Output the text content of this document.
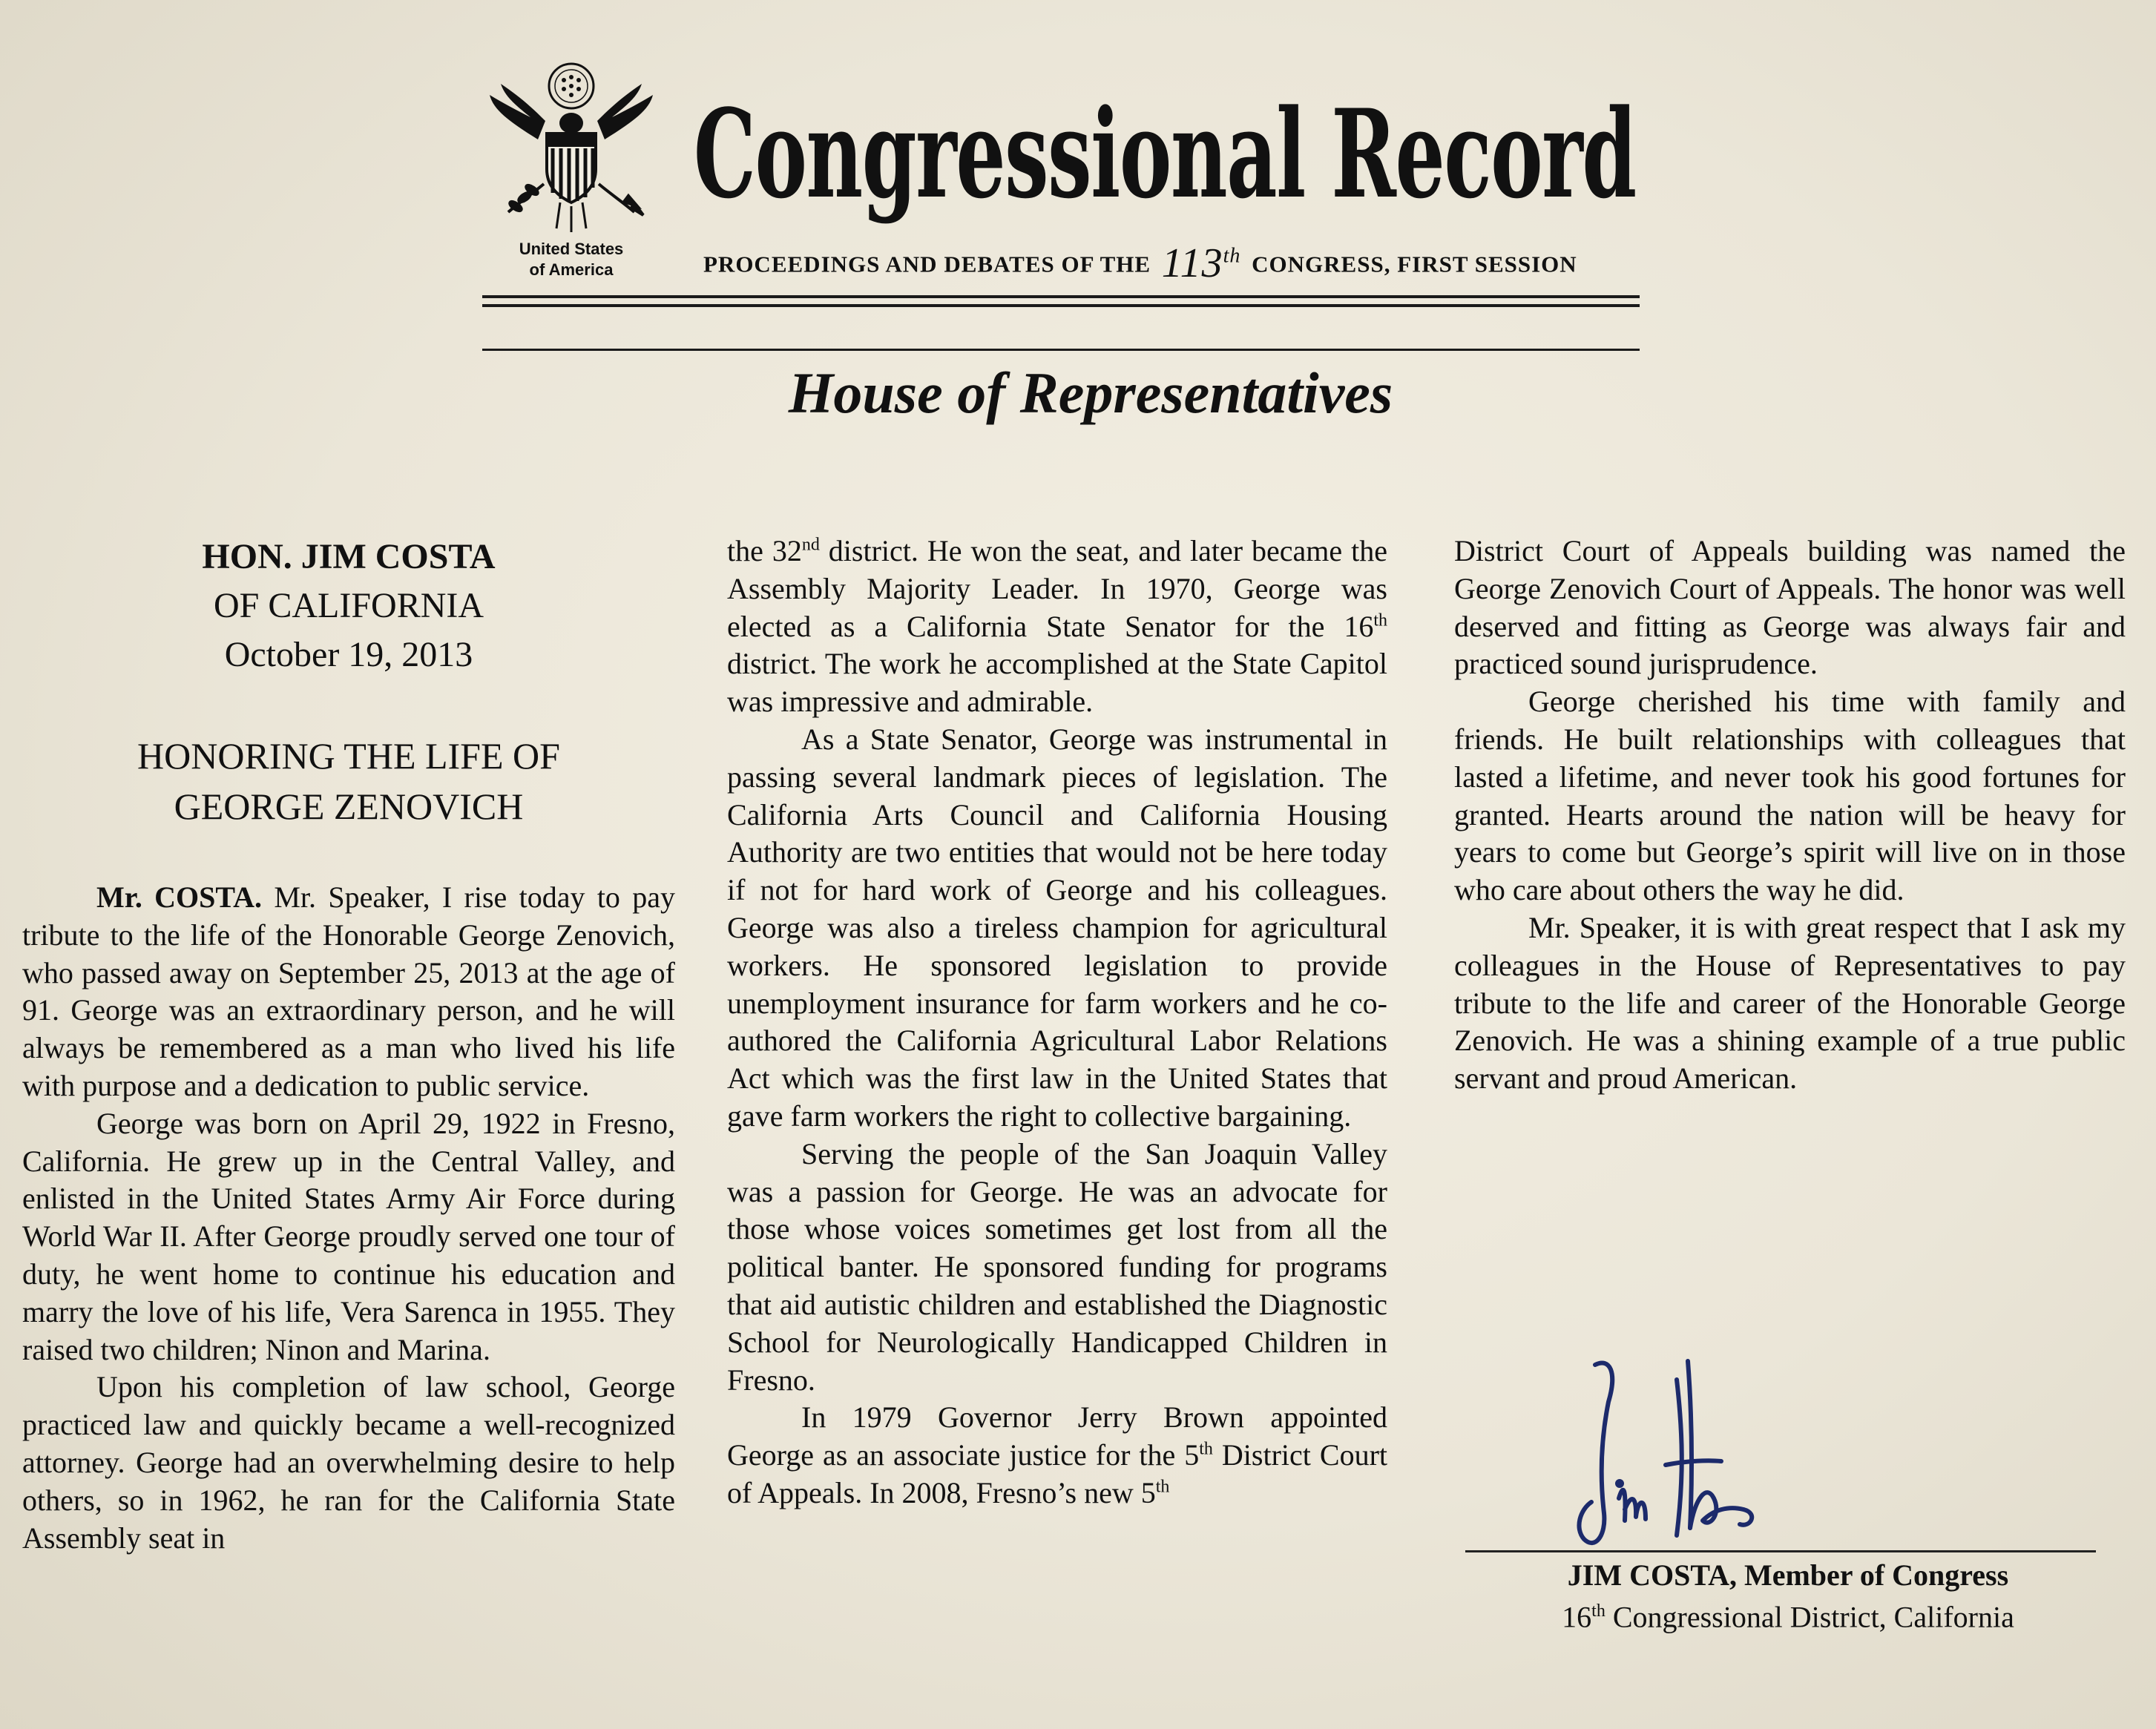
United States
of America
Congressional Record
PROCEEDINGS AND DEBATES OF THE 113th CONGRESS, FIRST SESSION
House of Representatives
HON. JIM COSTA
OF CALIFORNIA
October 19, 2013
HONORING THE LIFE OF
GEORGE ZENOVICH

Mr. COSTA. Mr. Speaker, I rise today to pay tribute to the life of the Honorable George Zenovich, who passed away on September 25, 2013 at the age of 91. George was an extraordinary person, and he will always be remembered as a man who lived his life with purpose and a dedication to public service.

George was born on April 29, 1922 in Fresno, California. He grew up in the Central Valley, and enlisted in the United States Army Air Force during World War II. After George proudly served one tour of duty, he went home to continue his education and marry the love of his life, Vera Sarenca in 1955. They raised two children; Ninon and Marina.

Upon his completion of law school, George practiced law and quickly became a well-recognized attorney. George had an overwhelming desire to help others, so in 1962, he ran for the California State Assembly seat in

the 32nd district. He won the seat, and later became the Assembly Majority Leader. In 1970, George was elected as a California State Senator for the 16th district. The work he accomplished at the State Capitol was impressive and admirable.

As a State Senator, George was instrumental in passing several landmark pieces of legislation. The California Arts Council and California Housing Authority are two entities that would not be here today if not for hard work of George and his colleagues. George was also a tireless champion for agricultural workers. He sponsored legislation to provide unemployment insurance for farm workers and he co-authored the California Agricultural Labor Relations Act which was the first law in the United States that gave farm workers the right to collective bargaining.

Serving the people of the San Joaquin Valley was a passion for George. He was an advocate for those whose voices sometimes get lost from all the political banter. He sponsored funding for programs that aid autistic children and established the Diagnostic School for Neurologically Handicapped Children in Fresno.

In 1979 Governor Jerry Brown appointed George as an associate justice for the 5th District Court of Appeals. In 2008, Fresno’s new 5th

District Court of Appeals building was named the George Zenovich Court of Appeals. The honor was well deserved and fitting as George was always fair and practiced sound jurisprudence.

George cherished his time with family and friends. He built relationships with colleagues that lasted a lifetime, and never took his good fortunes for granted. Hearts around the nation will be heavy for years to come but George’s spirit will live on in those who care about others the way he did.

Mr. Speaker, it is with great respect that I ask my colleagues in the House of Representatives to pay tribute to the life and career of the Honorable George Zenovich. He was a shining example of a true public servant and proud American.

JIM COSTA, Member of Congress
16th Congressional District, California
